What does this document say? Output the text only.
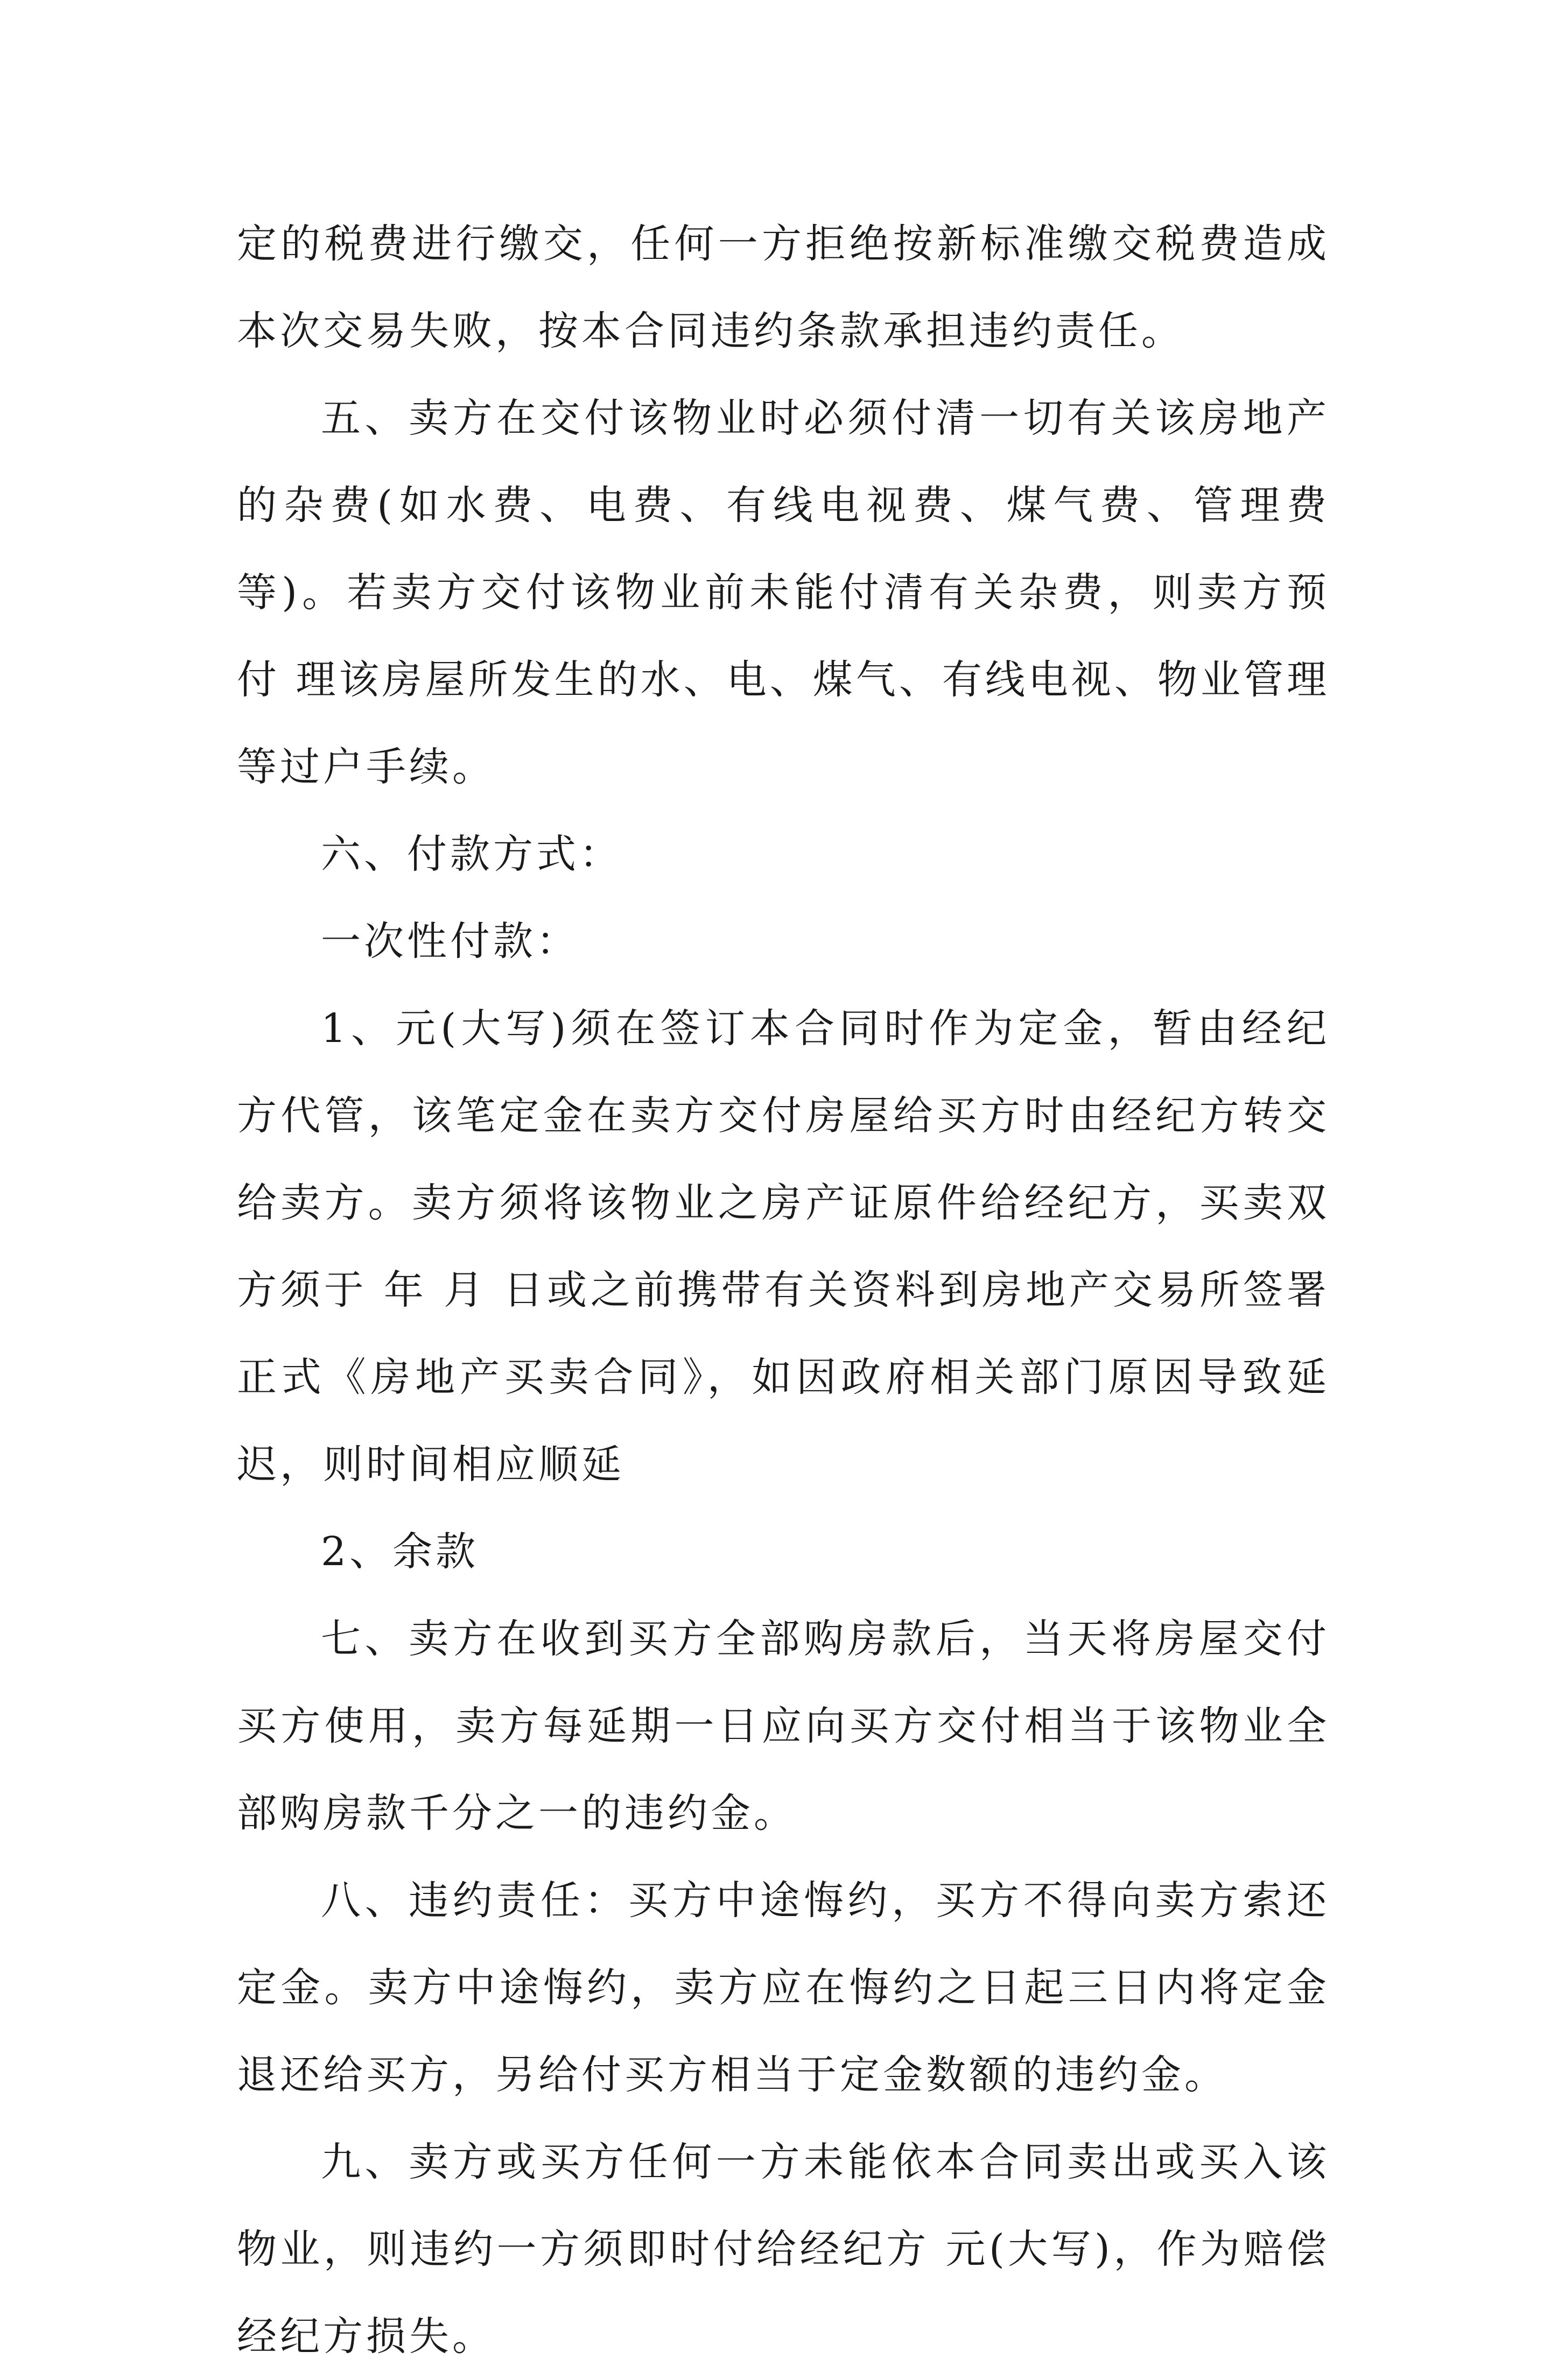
定的税费进行缴交，任何一方拒绝按新标准缴交税费造成本次交易失败，按本合同违约条款承担违约责任。

五、卖方在交付该物业时必须付清一切有关该房地产的杂费(如水费、电费、有线电视费、煤气费、管理费等)。若卖方交付该物业前未能付清有关杂费，则卖方预付 理该房屋所发生的水、电、煤气、有线电视、物业管理等过户手续。

六、付款方式：

一次性付款：

1、元(大写)须在签订本合同时作为定金，暂由经纪方代管，该笔定金在卖方交付房屋给买方时由经纪方转交给卖方。卖方须将该物业之房产证原件给经纪方，买卖双方须于 年 月 日或之前携带有关资料到房地产交易所签署正式《房地产买卖合同》，如因政府相关部门原因导致延迟，则时间相应顺延

2、余款

七、卖方在收到买方全部购房款后，当天将房屋交付买方使用，卖方每延期一日应向买方交付相当于该物业全部购房款千分之一的违约金。

八、违约责任：买方中途悔约，买方不得向卖方索还定金。卖方中途悔约，卖方应在悔约之日起三日内将定金退还给买方，另给付买方相当于定金数额的违约金。

九、卖方或买方任何一方未能依本合同卖出或买入该物业，则违约一方须即时付给经纪方 元(大写)，作为赔偿经纪方损失。
